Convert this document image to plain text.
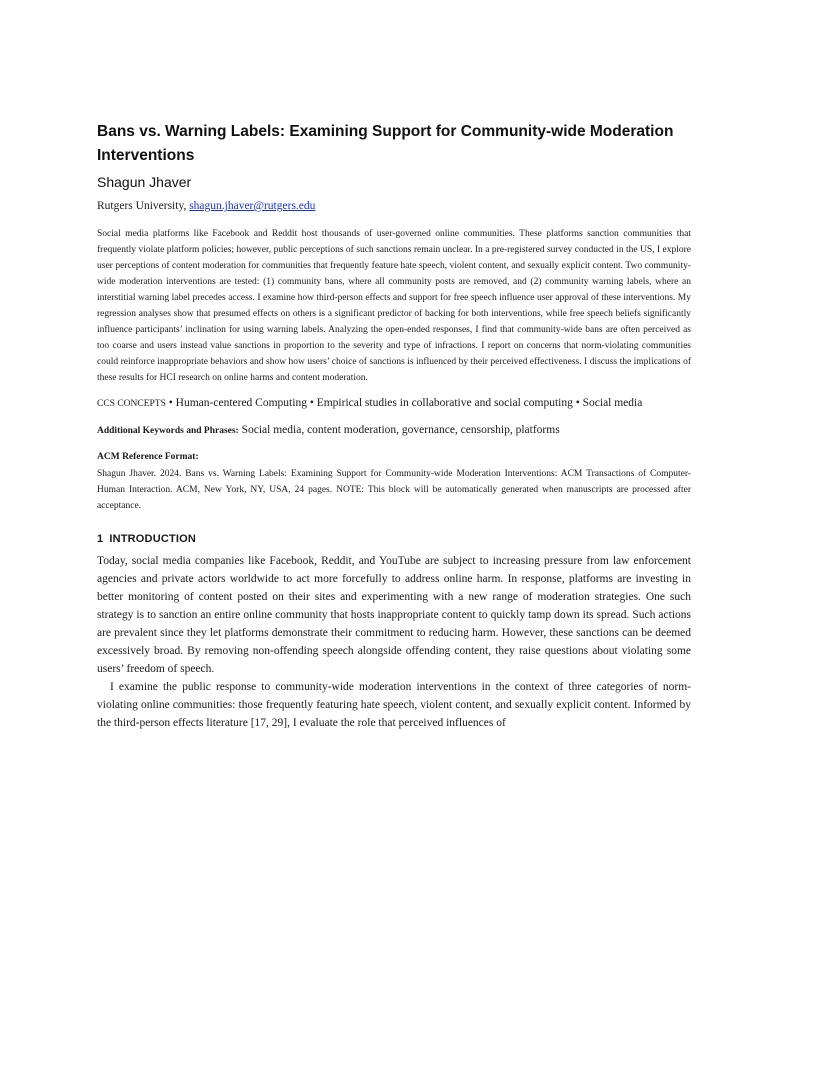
Bans vs. Warning Labels: Examining Support for Community-wide Moderation Interventions
Shagun Jhaver
Rutgers University, shagun.jhaver@rutgers.edu

Social media platforms like Facebook and Reddit host thousands of user-governed online communities. These platforms sanction communities that frequently violate platform policies; however, public perceptions of such sanctions remain unclear. In a pre-registered survey conducted in the US, I explore user perceptions of content moderation for communities that frequently feature hate speech, violent content, and sexually explicit content. Two community-wide moderation interventions are tested: (1) community bans, where all community posts are removed, and (2) community warning labels, where an interstitial warning label precedes access. I examine how third-person effects and support for free speech influence user approval of these interventions. My regression analyses show that presumed effects on others is a significant predictor of backing for both interventions, while free speech beliefs significantly influence participants’ inclination for using warning labels. Analyzing the open-ended responses, I find that community-wide bans are often perceived as too coarse and users instead value sanctions in proportion to the severity and type of infractions. I report on concerns that norm-violating communities could reinforce inappropriate behaviors and show how users’ choice of sanctions is influenced by their perceived effectiveness. I discuss the implications of these results for HCI research on online harms and content moderation.

CCS CONCEPTS • Human-centered Computing • Empirical studies in collaborative and social computing • Social media
Additional Keywords and Phrases: Social media, content moderation, governance, censorship, platforms
ACM Reference Format:
Shagun Jhaver. 2024. Bans vs. Warning Labels: Examining Support for Community-wide Moderation Interventions: ACM Transactions of Computer-Human Interaction. ACM, New York, NY, USA, 24 pages. NOTE: This block will be automatically generated when manuscripts are processed after acceptance.
1 INTRODUCTION

Today, social media companies like Facebook, Reddit, and YouTube are subject to increasing pressure from law enforcement agencies and private actors worldwide to act more forcefully to address online harm. In response, platforms are investing in better monitoring of content posted on their sites and experimenting with a new range of moderation strategies. One such strategy is to sanction an entire online community that hosts inappropriate content to quickly tamp down its spread. Such actions are prevalent since they let platforms demonstrate their commitment to reducing harm. However, these sanctions can be deemed excessively broad. By removing non-offending speech alongside offending content, they raise questions about violating some users’ freedom of speech.

I examine the public response to community-wide moderation interventions in the context of three categories of norm-violating online communities: those frequently featuring hate speech, violent content, and sexually explicit content. Informed by the third-person effects literature [17, 29], I evaluate the role that perceived influences of
